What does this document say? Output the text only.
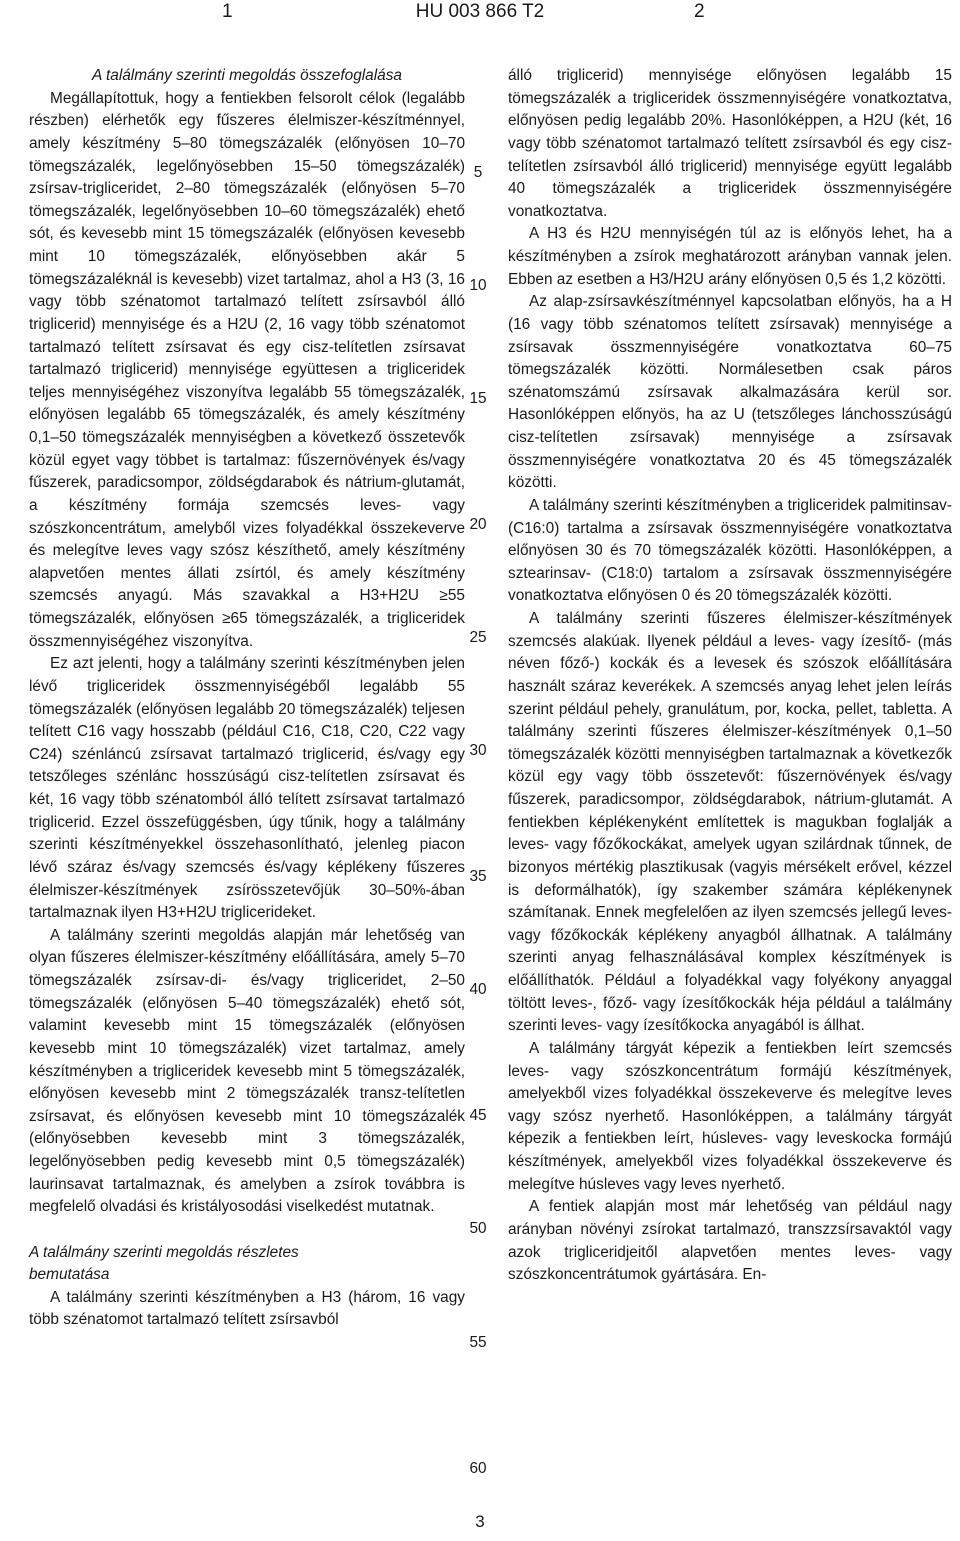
1	HU 003 866 T2	2

A találmány szerinti megoldás összefoglalása

Megállapítottuk, hogy a fentiekben felsorolt célok (legalább részben) elérhetők egy fűszeres élelmiszer-készítménnyel, amely készítmény 5–80 tömegszázalék (előnyösen 10–70 tömegszázalék, legelőnyösebben 15–50 tömegszázalék) zsírsav-trigliceridet, 2–80 tömegszázalék (előnyösen 5–70 tömegszázalék, legelőnyösebben 10–60 tömegszázalék) ehető sót, és kevesebb mint 15 tömegszázalék (előnyösen kevesebb mint 10 tömegszázalék, előnyösebben akár 5 tömegszázaléknál is kevesebb) vizet tartalmaz, ahol a H3 (3, 16 vagy több szénatomot tartalmazó telített zsírsavból álló triglicerid) mennyisége és a H2U (2, 16 vagy több szénatomot tartalmazó telített zsírsavat és egy cisz-telítetlen zsírsavat tartalmazó triglicerid) mennyisége együttesen a trigliceridek teljes mennyiségéhez viszonyítva legalább 55 tömegszázalék, előnyösen legalább 65 tömegszázalék, és amely készítmény 0,1–50 tömegszázalék mennyiségben a következő összetevők közül egyet vagy többet is tartalmaz: fűszernövények és/vagy fűszerek, paradicsompor, zöldségdarabok és nátrium-glutamát, a készítmény formája szemcsés leves- vagy szószkoncentrátum, amelyből vizes folyadékkal összekeverve és melegítve leves vagy szósz készíthető, amely készítmény alapvetően mentes állati zsírtól, és amely készítmény szemcsés anyagú. Más szavakkal a H3+H2U ≥55 tömegszázalék, előnyösen ≥65 tömegszázalék, a trigliceridek összmennyiségéhez viszonyítva.

Ez azt jelenti, hogy a találmány szerinti készítményben jelen lévő trigliceridek összmennyiségéből legalább 55 tömegszázalék (előnyösen legalább 20 tömegszázalék) teljesen telített C16 vagy hosszabb (például C16, C18, C20, C22 vagy C24) szénláncú zsírsavat tartalmazó triglicerid, és/vagy egy tetszőleges szénlánc hosszúságú cisz-telítetlen zsírsavat és két, 16 vagy több szénatomból álló telített zsírsavat tartalmazó triglicerid. Ezzel összefüggésben, úgy tűnik, hogy a találmány szerinti készítményekkel összehasonlítható, jelenleg piacon lévő száraz és/vagy szemcsés és/vagy képlékeny fűszeres élelmiszer-készítmények zsírösszetevőjük 30–50%-ában tartalmaznak ilyen H3+H2U triglicerideket.

A találmány szerinti megoldás alapján már lehetőség van olyan fűszeres élelmiszer-készítmény előállítására, amely 5–70 tömegszázalék zsírsav-di- és/vagy trigliceridet, 2–50 tömegszázalék (előnyösen 5–40 tömegszázalék) ehető sót, valamint kevesebb mint 15 tömegszázalék (előnyösen kevesebb mint 10 tömegszázalék) vizet tartalmaz, amely készítményben a trigliceridek kevesebb mint 5 tömegszázalék, előnyösen kevesebb mint 2 tömegszázalék transz-telítetlen zsírsavat, és előnyösen kevesebb mint 10 tömegszázalék (előnyösebben kevesebb mint 3 tömegszázalék, legelőnyösebben pedig kevesebb mint 0,5 tömegszázalék) laurinsavat tartalmaznak, és amelyben a zsírok továbbra is megfelelő olvadási és kristályosodási viselkedést mutatnak.

A találmány szerinti megoldás részletes

bemutatása

A találmány szerinti készítményben a H3 (három, 16 vagy több szénatomot tartalmazó telített zsírsavból

álló triglicerid) mennyisége előnyösen legalább 15 tömegszázalék a trigliceridek összmennyiségére vonatkoztatva, előnyösen pedig legalább 20%. Hasonlóképpen, a H2U (két, 16 vagy több szénatomot tartalmazó telített zsírsavból és egy cisz-telítetlen zsírsavból álló triglicerid) mennyisége együtt legalább 40 tömegszázalék a trigliceridek összmennyiségére vonatkoztatva.

A H3 és H2U mennyiségén túl az is előnyös lehet, ha a készítményben a zsírok meghatározott arányban vannak jelen. Ebben az esetben a H3/H2U arány előnyösen 0,5 és 1,2 közötti.

Az alap-zsírsavkészítménnyel kapcsolatban előnyös, ha a H (16 vagy több szénatomos telített zsírsavak) mennyisége a zsírsavak összmennyiségére vonatkoztatva 60–75 tömegszázalék közötti. Normálesetben csak páros szénatomszámú zsírsavak alkalmazására kerül sor. Hasonlóképpen előnyös, ha az U (tetszőleges lánchosszúságú cisz-telítetlen zsírsavak) mennyisége a zsírsavak összmennyiségére vonatkoztatva 20 és 45 tömegszázalék közötti.

A találmány szerinti készítményben a trigliceridek palmitinsav- (C16:0) tartalma a zsírsavak összmennyiségére vonatkoztatva előnyösen 30 és 70 tömegszázalék közötti. Hasonlóképpen, a sztearinsav- (C18:0) tartalom a zsírsavak összmennyiségére vonatkoztatva előnyösen 0 és 20 tömegszázalék közötti.

A találmány szerinti fűszeres élelmiszer-készítmények szemcsés alakúak. Ilyenek például a leves- vagy ízesítő- (más néven főző-) kockák és a levesek és szószok előállítására használt száraz keverékek. A szemcsés anyag lehet jelen leírás szerint például pehely, granulátum, por, kocka, pellet, tabletta. A találmány szerinti fűszeres élelmiszer-készítmények 0,1–50 tömegszázalék közötti mennyiségben tartalmaznak a következők közül egy vagy több összetevőt: fűszernövények és/vagy fűszerek, paradicsompor, zöldségdarabok, nátrium-glutamát. A fentiekben képlékenyként említettek is magukban foglalják a leves- vagy főzőkockákat, amelyek ugyan szilárdnak tűnnek, de bizonyos mértékig plasztikusak (vagyis mérsékelt erővel, kézzel is deformálhatók), így szakember számára képlékenynek számítanak. Ennek megfelelően az ilyen szemcsés jellegű leves- vagy főzőkockák képlékeny anyagból állhatnak. A találmány szerinti anyag felhasználásával komplex készítmények is előállíthatók. Például a folyadékkal vagy folyékony anyaggal töltött leves-, főző- vagy ízesítőkockák héja például a találmány szerinti leves- vagy ízesítőkocka anyagából is állhat.

A találmány tárgyát képezik a fentiekben leírt szemcsés leves- vagy szószkoncentrátum formájú készítmények, amelyekből vizes folyadékkal összekeverve és melegítve leves vagy szósz nyerhető. Hasonlóképpen, a találmány tárgyát képezik a fentiekben leírt, húsleves- vagy leveskocka formájú készítmények, amelyekből vizes folyadékkal összekeverve és melegítve húsleves vagy leves nyerhető.

A fentiek alapján most már lehetőség van például nagy arányban növényi zsírokat tartalmazó, transzzsírsavaktól vagy azok trigliceridjeitől alapvetően mentes leves- vagy szószkoncentrátumok gyártására. En-

5
10
15
20
25
30
35
40
45
50
55
60
3
